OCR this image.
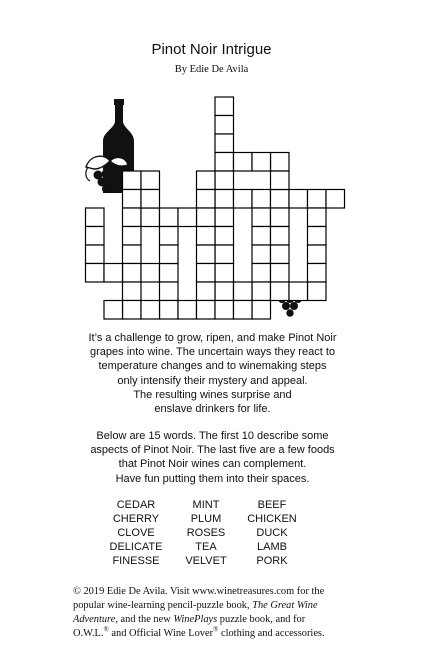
Pinot Noir Intrigue
By Edie De Avila
It’s a challenge to grow, ripen, and make Pinot Noir
grapes into wine. The uncertain ways they react to
temperature changes and to winemaking steps
only intensify their mystery and appeal.
The resulting wines surprise and
enslave drinkers for life.
Below are 15 words. The first 10 describe some
aspects of Pinot Noir. The last five are a few foods
that Pinot Noir wines can complement.
Have fun putting them into their spaces.
CEDAR
CHERRY
CLOVE
DELICATE
FINESSE
MINT
PLUM
ROSES
TEA
VELVET
BEEF
CHICKEN
DUCK
LAMB
PORK
© 2019 Edie De Avila. Visit www.winetreasures.com for the
popular wine-learning pencil-puzzle book, The Great Wine
Adventure, and the new WinePlays puzzle book, and for
O.W.L.® and Official Wine Lover® clothing and accessories.
